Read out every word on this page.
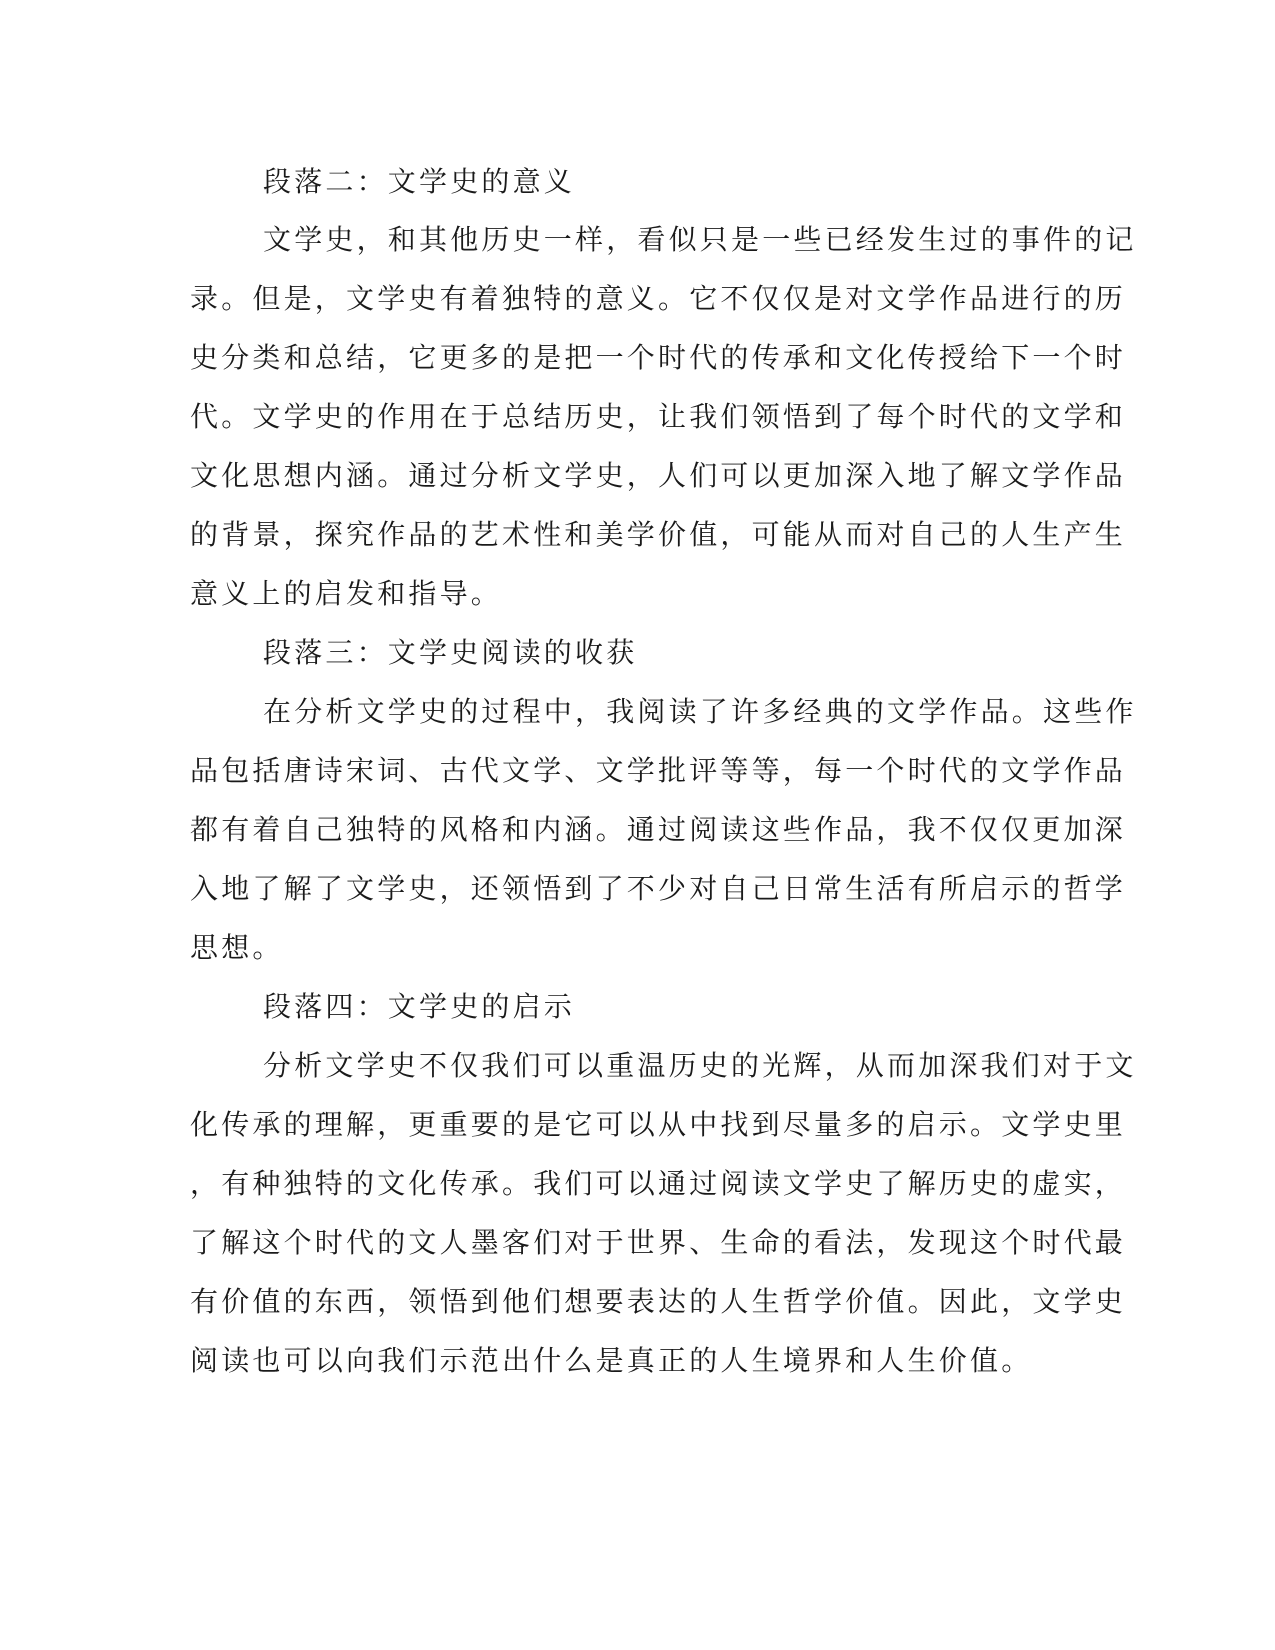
段落二：文学史的意义
文学史，和其他历史一样，看似只是一些已经发生过的事件的记
录。但是，文学史有着独特的意义。它不仅仅是对文学作品进行的历
史分类和总结，它更多的是把一个时代的传承和文化传授给下一个时
代。文学史的作用在于总结历史，让我们领悟到了每个时代的文学和
文化思想内涵。通过分析文学史，人们可以更加深入地了解文学作品
的背景，探究作品的艺术性和美学价值，可能从而对自己的人生产生
意义上的启发和指导。
段落三：文学史阅读的收获
在分析文学史的过程中，我阅读了许多经典的文学作品。这些作
品包括唐诗宋词、古代文学、文学批评等等，每一个时代的文学作品
都有着自己独特的风格和内涵。通过阅读这些作品，我不仅仅更加深
入地了解了文学史，还领悟到了不少对自己日常生活有所启示的哲学
思想。
段落四：文学史的启示
分析文学史不仅我们可以重温历史的光辉，从而加深我们对于文
化传承的理解，更重要的是它可以从中找到尽量多的启示。文学史里
，有种独特的文化传承。我们可以通过阅读文学史了解历史的虚实，
了解这个时代的文人墨客们对于世界、生命的看法，发现这个时代最
有价值的东西，领悟到他们想要表达的人生哲学价值。因此，文学史
阅读也可以向我们示范出什么是真正的人生境界和人生价值。
